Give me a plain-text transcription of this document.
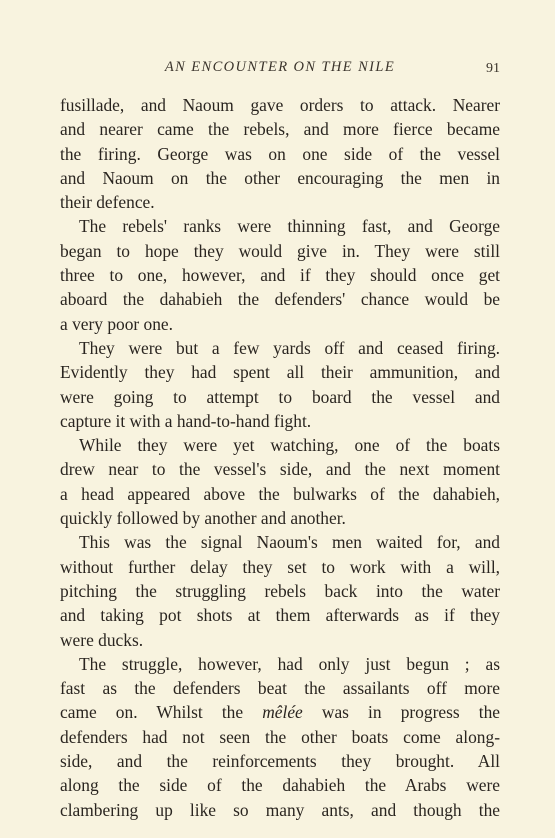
AN ENCOUNTER ON THE NILE	91

fusillade, and Naoum gave orders to attack. Nearer
and nearer came the rebels, and more fierce became
the firing. George was on one side of the vessel
and Naoum on the other encouraging the men in
their defence.

The rebels' ranks were thinning fast, and George
began to hope they would give in. They were still
three to one, however, and if they should once get
aboard the dahabieh the defenders' chance would be
a very poor one.

They were but a few yards off and ceased firing.
Evidently they had spent all their ammunition, and
were going to attempt to board the vessel and
capture it with a hand-to-hand fight.

While they were yet watching, one of the boats
drew near to the vessel's side, and the next moment
a head appeared above the bulwarks of the dahabieh,
quickly followed by another and another.

This was the signal Naoum's men waited for, and
without further delay they set to work with a will,
pitching the struggling rebels back into the water
and taking pot shots at them afterwards as if they
were ducks.

The struggle, however, had only just begun ; as
fast as the defenders beat the assailants off more
came on. Whilst the mêlée was in progress the
defenders had not seen the other boats come along-
side, and the reinforcements they brought. All
along the side of the dahabieh the Arabs were
clambering up like so many ants, and though the
